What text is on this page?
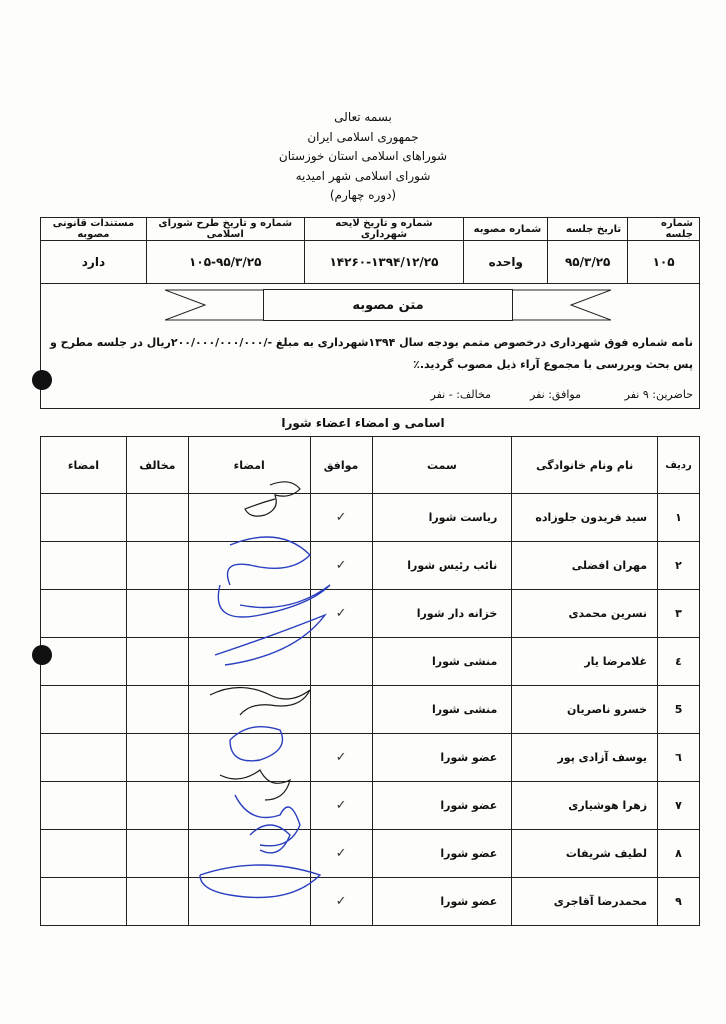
بسمه تعالی
جمهوری اسلامی ایران
شوراهای اسلامی استان خوزستان
شورای اسلامی شهر امیدیه
(دوره چهارم)
شماره جلسه	تاریخ جلسه	شماره مصوبه	شماره و تاریخ لایحه شهرداری	شماره و تاریخ طرح شورای اسلامی	مستندات قانونی مصوبه
۱۰۵	۹۵/۳/۲۵	واحده	۱۴۲۶۰-۱۳۹۴/۱۲/۲۵	۱۰۵-۹۵/۳/۲۵	دارد
متن مصوبه
نامه شماره فوق شهرداری درخصوص متمم بودجه سال ۱۳۹۴شهرداری به مبلغ -/۲۰۰/۰۰۰/۰۰۰/۰۰۰ریال در جلسه مطرح و پس بحث وبررسی با مجموع آراء ذیل مصوب گردید.٪
حاضرین: ۹ نفر
موافق: نفر
مخالف: - نفر
اسامی و امضاء اعضاء شورا
ردیف	نام ونام خانوادگی	سمت	موافق	امضاء	مخالف	امضاء
۱	سید فریدون جلوزاده	ریاست شورا	✓			
۲	مهران افضلی	نائب رئیس شورا	✓			
۳	نسرین محمدی	خزانه دار شورا	✓			
٤	غلامرضا یار	منشی شورا				
5	خسرو ناصریان	منشی شورا				
٦	یوسف آزادی پور	عضو شورا	✓			
۷	زهرا هوشیاری	عضو شورا	✓			
۸	لطیف شریفات	عضو شورا	✓			
۹	محمدرضا آقاجری	عضو شورا	✓			
